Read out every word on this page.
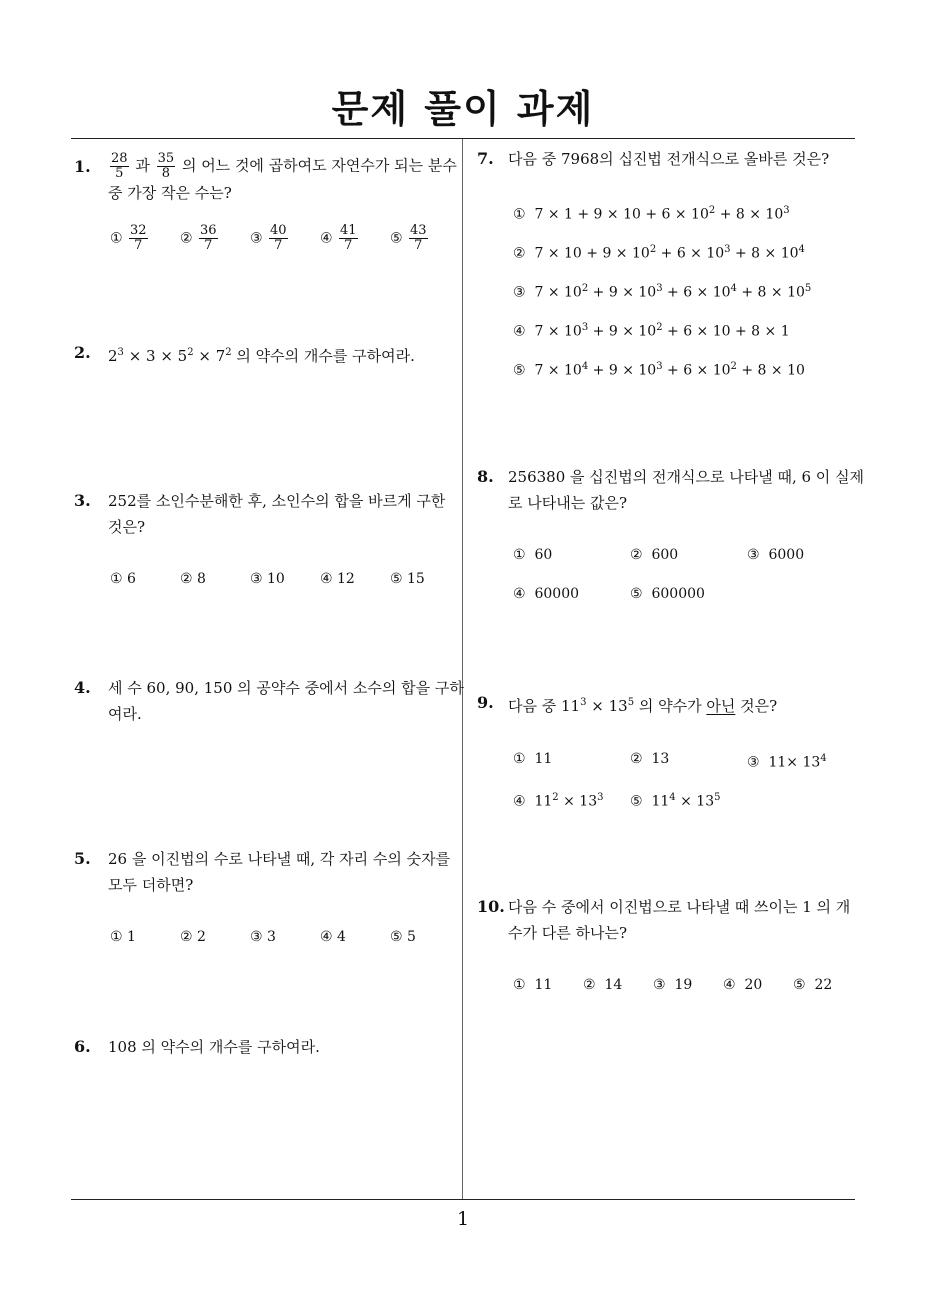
문제 풀이 과제
1
1. $\frac{28}{5}$ 과 $\frac{35}{8}$ 의 어느 것에 곱하여도 자연수가 되는 분수
중 가장 작은 수는?
① $\frac{32}{7}$ ② $\frac{36}{7}$ ③ $\frac{40}{7}$ ④ $\frac{41}{7}$ ⑤ $\frac{43}{7}$
2. $2^3 \times 3 \times 5^2 \times 7^2$ 의 약수의 개수를 구하여라.
3. 252를 소인수분해한 후, 소인수의 합을 바르게 구한
것은?
① 6	② 8	③ 10	④ 12	⑤ 15
4. 세 수 60, 90, 150 의 공약수 중에서 소수의 합을 구하
여라.
5. 26 을 이진법의 수로 나타낼 때, 각 자리 수의 숫자를
모두 더하면?
① 1	② 2	③ 3	④ 4	⑤ 5
6. 108 의 약수의 개수를 구하여라.
7. 다음 중 7968의 십진법 전개식으로 올바른 것은?
①  $7 \times 1 + 9 \times 10 + 6 \times 10^2 + 8 \times 10^3$
②  $7 \times 10 + 9 \times 10^2 + 6 \times 10^3 + 8 \times 10^4$
③  $7 \times 10^2 + 9 \times 10^3 + 6 \times 10^4 + 8 \times 10^5$
④  $7 \times 10^3 + 9 \times 10^2 + 6 \times 10 + 8 \times 1$
⑤  $7 \times 10^4 + 9 \times 10^3 + 6 \times 10^2 + 8 \times 10$
8. 256380 을 십진법의 전개식으로 나타낼 때, 6 이 실제
로 나타내는 값은?
① 60	② 600	③ 6000
④ 60000	⑤ 600000
9. 다음 중 $11^3 \times 13^5$ 의 약수가 아닌 것은?
① 11	② 13	③  $11\times 13^4$
④  $11^2 \times 13^3$ ⑤  $11^4 \times 13^5$
10. 다음 수 중에서 이진법으로 나타낼 때 쓰이는 1 의 개
수가 다른 하나는?
① 11 ② 14 ③ 19 ④ 20 ⑤ 22
